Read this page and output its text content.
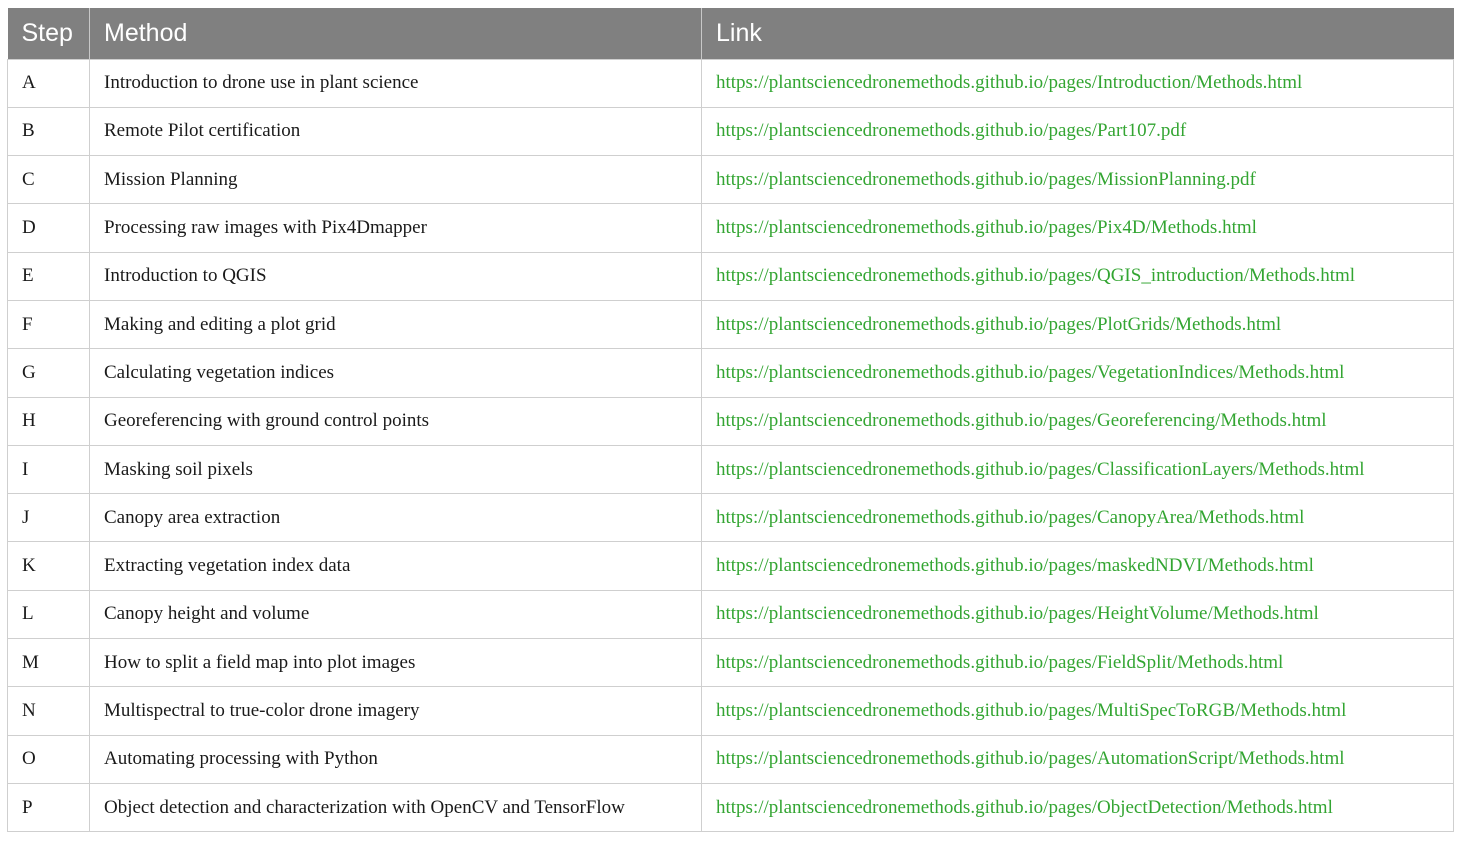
Step	Method	Link
A	Introduction to drone use in plant science	https://plantsciencedronemethods.github.io/pages/Introduction/Methods.html
B	Remote Pilot certification	https://plantsciencedronemethods.github.io/pages/Part107.pdf
C	Mission Planning	https://plantsciencedronemethods.github.io/pages/MissionPlanning.pdf
D	Processing raw images with Pix4Dmapper	https://plantsciencedronemethods.github.io/pages/Pix4D/Methods.html
E	Introduction to QGIS	https://plantsciencedronemethods.github.io/pages/QGIS_introduction/Methods.html
F	Making and editing a plot grid	https://plantsciencedronemethods.github.io/pages/PlotGrids/Methods.html
G	Calculating vegetation indices	https://plantsciencedronemethods.github.io/pages/VegetationIndices/Methods.html
H	Georeferencing with ground control points	https://plantsciencedronemethods.github.io/pages/Georeferencing/Methods.html
I	Masking soil pixels	https://plantsciencedronemethods.github.io/pages/ClassificationLayers/Methods.html
J	Canopy area extraction	https://plantsciencedronemethods.github.io/pages/CanopyArea/Methods.html
K	Extracting vegetation index data	https://plantsciencedronemethods.github.io/pages/maskedNDVI/Methods.html
L	Canopy height and volume	https://plantsciencedronemethods.github.io/pages/HeightVolume/Methods.html
M	How to split a field map into plot images	https://plantsciencedronemethods.github.io/pages/FieldSplit/Methods.html
N	Multispectral to true-color drone imagery	https://plantsciencedronemethods.github.io/pages/MultiSpecToRGB/Methods.html
O	Automating processing with Python	https://plantsciencedronemethods.github.io/pages/AutomationScript/Methods.html
P	Object detection and characterization with OpenCV and TensorFlow	https://plantsciencedronemethods.github.io/pages/ObjectDetection/Methods.html
